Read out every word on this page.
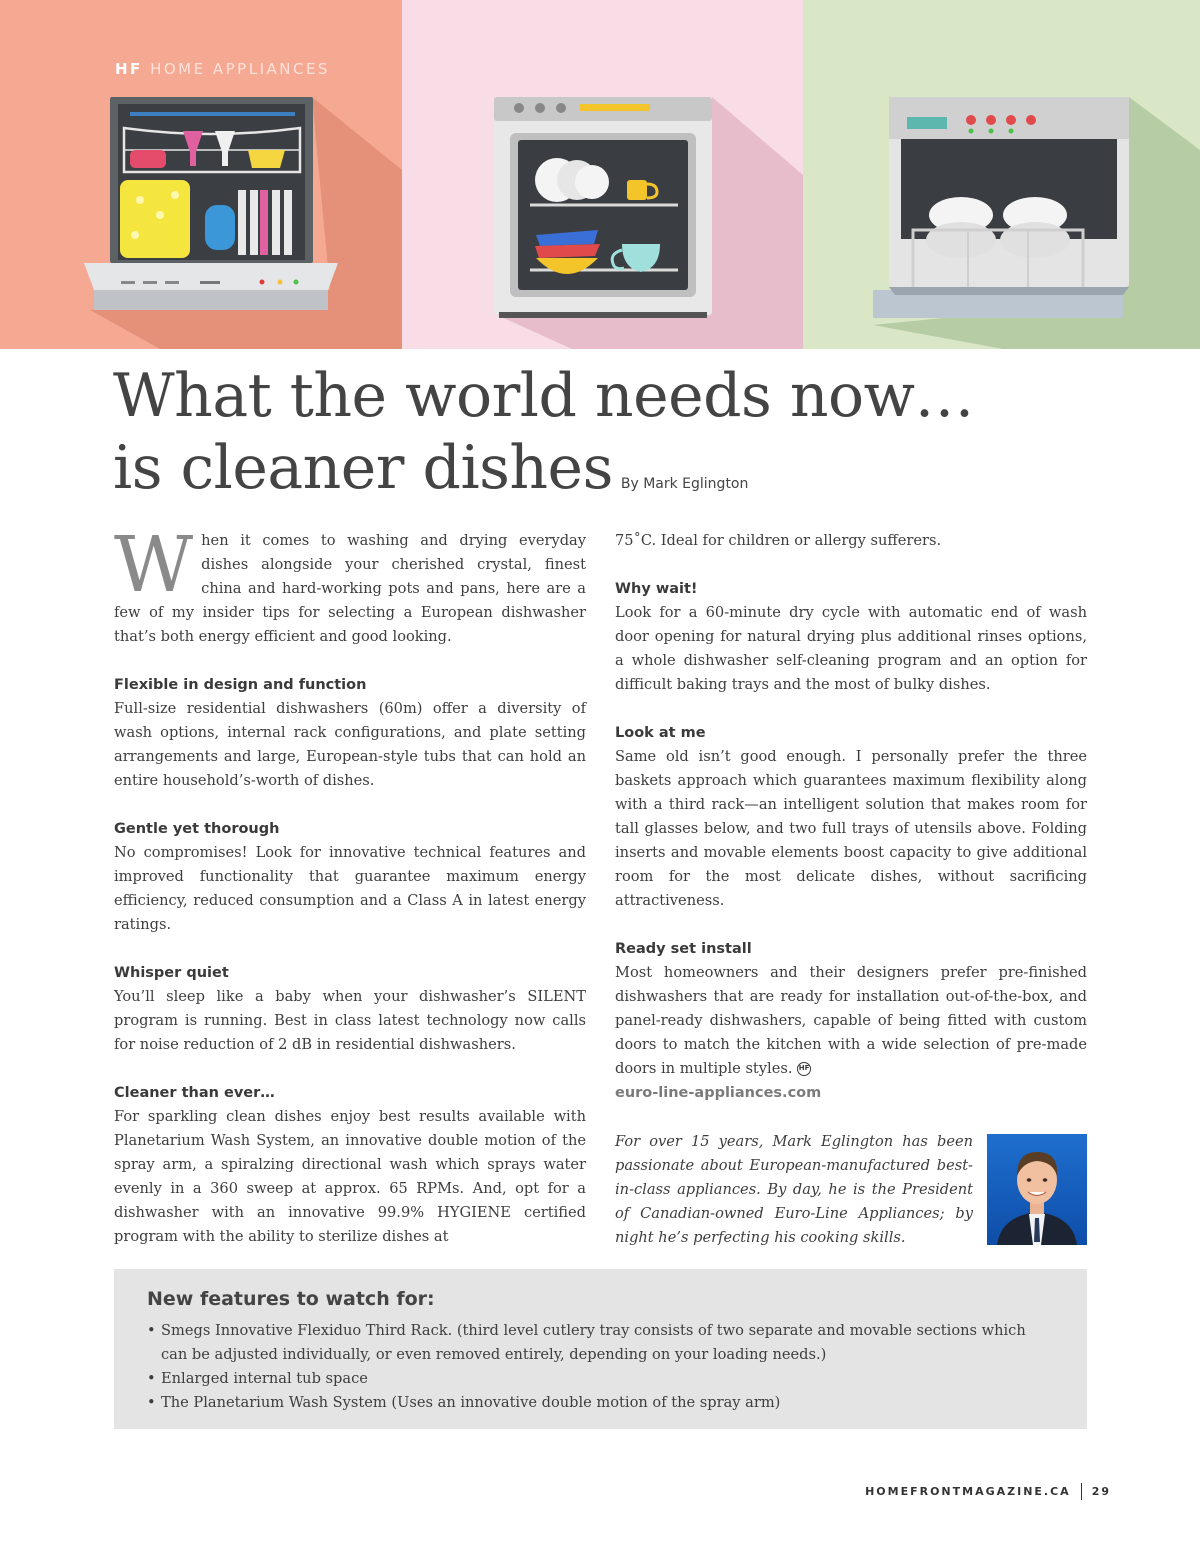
HF HOME APPLIANCES
What the world needs now…
is cleaner dishes By Mark Eglington

When it comes to washing and drying everyday dishes alongside your cherished crystal, finest china and hard-working pots and pans, here are a few of my insider tips for selecting a European dishwasher that’s both energy efficient and good looking.

Flexible in design and function

Full-size residential dishwashers (60m) offer a diversity of wash options, internal rack configurations, and plate setting arrangements and large, European-style tubs that can hold an entire household’s-worth of dishes.

Gentle yet thorough

No compromises! Look for innovative technical features and improved functionality that guarantee maximum energy efficiency, reduced consumption and a Class A in latest energy ratings.

Whisper quiet

You’ll sleep like a baby when your dishwasher’s SILENT program is running. Best in class latest technology now calls for noise reduction of 2 dB in residential dishwashers.

Cleaner than ever…

For sparkling clean dishes enjoy best results available with Planetarium Wash System, an innovative double motion of the spray arm, a spiralzing directional wash which sprays water evenly in a 360 sweep at approx. 65 RPMs. And, opt for a dishwasher with an innovative 99.9% HYGIENE certified program with the ability to sterilize dishes at

75˚C. Ideal for children or allergy sufferers.

Why wait!

Look for a 60-minute dry cycle with automatic end of wash door opening for natural drying plus additional rinses options, a whole dishwasher self-cleaning program and an option for difficult baking trays and the most of bulky dishes.

Look at me

Same old isn’t good enough. I personally prefer the three baskets approach which guarantees maximum flexibility along with a third rack—an intelligent solution that makes room for tall glasses below, and two full trays of utensils above. Folding inserts and movable elements boost capacity to give additional room for the most delicate dishes, without sacrificing attractiveness.

Ready set install

Most homeowners and their designers prefer pre-finished dishwashers that are ready for installation out-of-the-box, and panel-ready dishwashers, capable of being fitted with custom doors to match the kitchen with a wide selection of pre-made doors in multiple styles. HF

euro-line-appliances.com

For over 15 years, Mark Eglington has been passionate about European-manufactured best-in-class appliances. By day, he is the President of Canadian-owned Euro-Line Appliances; by night he’s perfecting his cooking skills.

New features to watch for:
• Smegs Innovative Flexiduo Third Rack. (third level cutlery tray consists of two separate and movable sections which can be adjusted individually, or even removed entirely, depending on your loading needs.)
• Enlarged internal tub space
• The Planetarium Wash System (Uses an innovative double motion of the spray arm)
HOMEFRONTMAGAZINE.CA 29
